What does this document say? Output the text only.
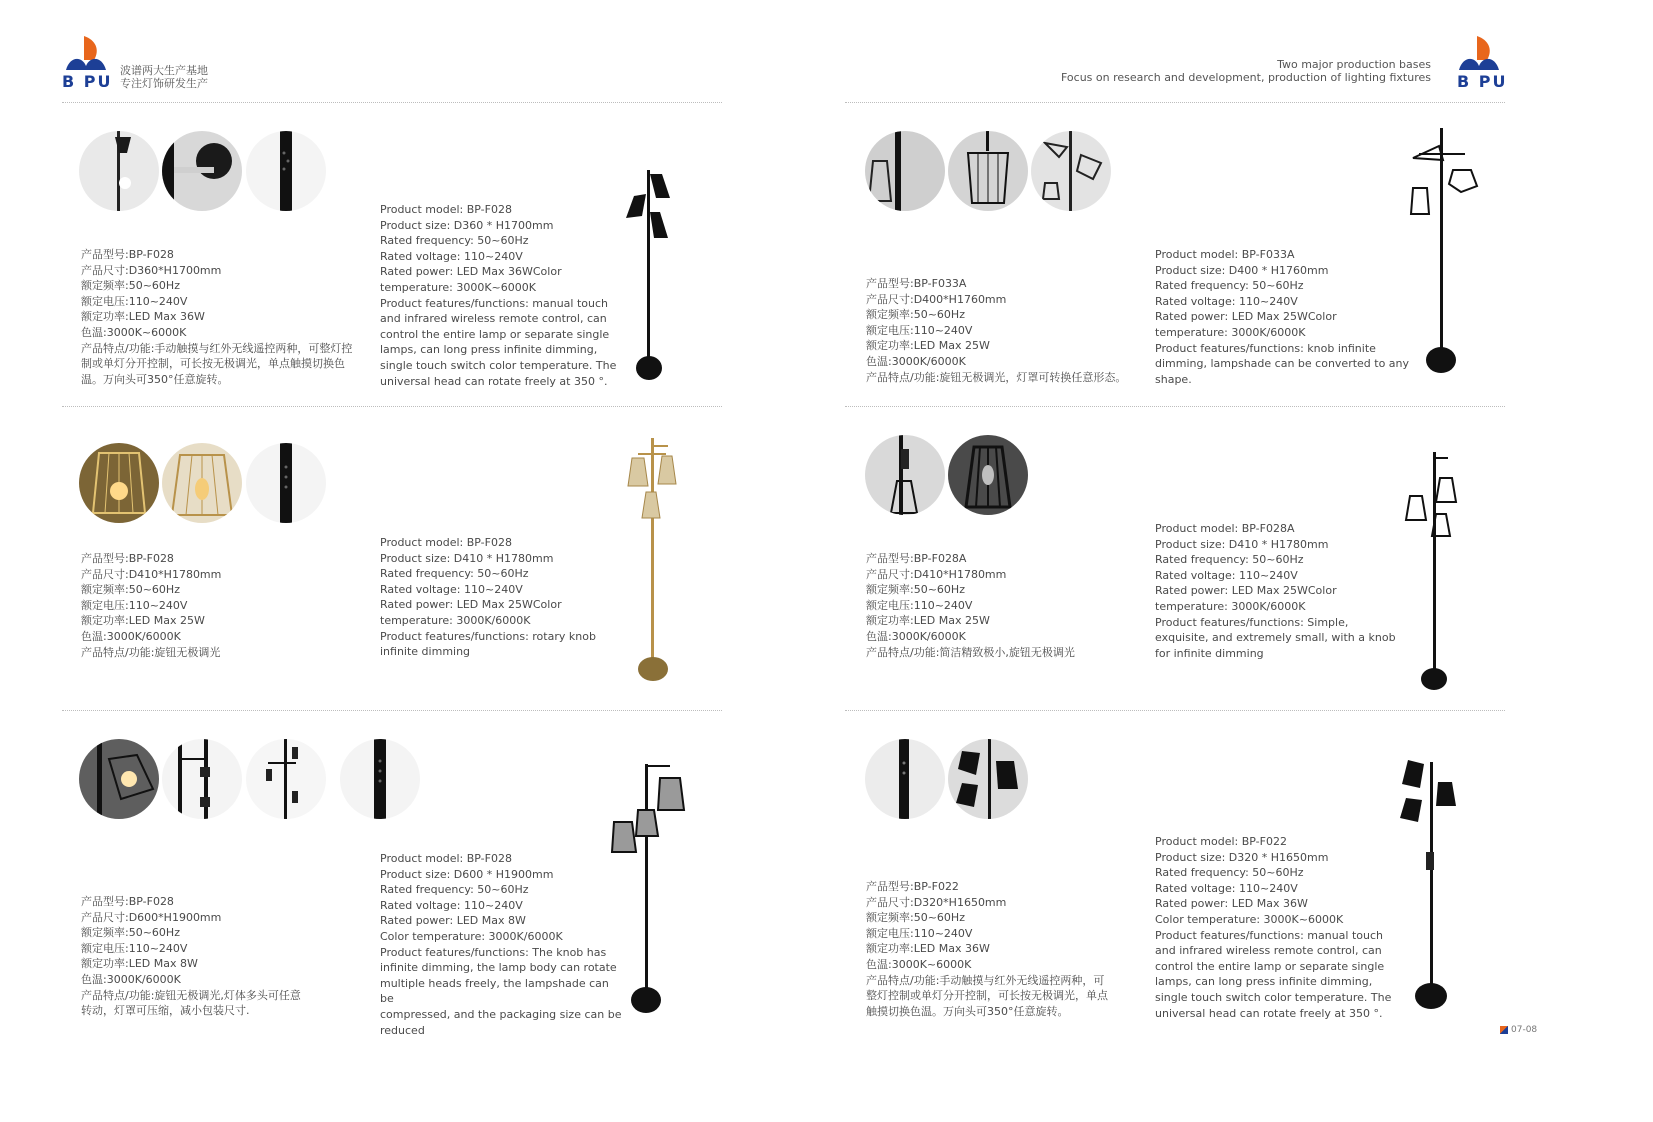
B PU
波谱两大生产基地
专注灯饰研发生产
Two major production bases
Focus on research and development, production of lighting fixtures B PU
产品型号:BP-F028
产品尺寸:D360*H1700mm
额定频率:50~60Hz
额定电压:110~240V
额定功率:LED Max 36W
色温:3000K~6000K
产品特点/功能:手动触摸与红外无线遥控两种，可整灯控
制或单灯分开控制，可长按无极调光，单点触摸切换色
温。万向头可350°任意旋转。
Product model: BP-F028
Product size: D360 * H1700mm
Rated frequency: 50~60Hz
Rated voltage: 110~240V
Rated power: LED Max 36WColor
temperature: 3000K~6000K
Product features/functions: manual touch
and infrared wireless remote control, can
control the entire lamp or separate single
lamps, can long press infinite dimming,
single touch switch color temperature. The
universal head can rotate freely at 350 °.
产品型号:BP-F033A
产品尺寸:D400*H1760mm
额定频率:50~60Hz
额定电压:110~240V
额定功率:LED Max 25W
色温:3000K/6000K
产品特点/功能:旋钮无极调光，灯罩可转换任意形态。
Product model: BP-F033A
Product size: D400 * H1760mm
Rated frequency: 50~60Hz
Rated voltage: 110~240V
Rated power: LED Max 25WColor
temperature: 3000K/6000K
Product features/functions: knob infinite
dimming, lampshade can be converted to any
shape.
产品型号:BP-F028
产品尺寸:D410*H1780mm
额定频率:50~60Hz
额定电压:110~240V
额定功率:LED Max 25W
色温:3000K/6000K
产品特点/功能:旋钮无极调光
Product model: BP-F028
Product size: D410 * H1780mm
Rated frequency: 50~60Hz
Rated voltage: 110~240V
Rated power: LED Max 25WColor
temperature: 3000K/6000K
Product features/functions: rotary knob
infinite dimming
产品型号:BP-F028A
产品尺寸:D410*H1780mm
额定频率:50~60Hz
额定电压:110~240V
额定功率:LED Max 25W
色温:3000K/6000K
产品特点/功能:简洁精致极小,旋钮无极调光
Product model: BP-F028A
Product size: D410 * H1780mm
Rated frequency: 50~60Hz
Rated voltage: 110~240V
Rated power: LED Max 25WColor
temperature: 3000K/6000K
Product features/functions: Simple,
exquisite, and extremely small, with a knob
for infinite dimming
产品型号:BP-F028
产品尺寸:D600*H1900mm
额定频率:50~60Hz
额定电压:110~240V
额定功率:LED Max 8W
色温:3000K/6000K
产品特点/功能:旋钮无极调光,灯体多头可任意
转动，灯罩可压缩，减小包装尺寸.
Product model: BP-F028
Product size: D600 * H1900mm
Rated frequency: 50~60Hz
Rated voltage: 110~240V
Rated power: LED Max 8W
Color temperature: 3000K/6000K
Product features/functions: The knob has
infinite dimming, the lamp body can rotate
multiple heads freely, the lampshade can be
compressed, and the packaging size can be
reduced
产品型号:BP-F022
产品尺寸:D320*H1650mm
额定频率:50~60Hz
额定电压:110~240V
额定功率:LED Max 36W
色温:3000K~6000K
产品特点/功能:手动触摸与红外无线遥控两种，可
整灯控制或单灯分开控制，可长按无极调光，单点
触摸切换色温。万向头可350°任意旋转。
Product model: BP-F022
Product size: D320 * H1650mm
Rated frequency: 50~60Hz
Rated voltage: 110~240V
Rated power: LED Max 36W
Color temperature: 3000K~6000K
Product features/functions: manual touch
and infrared wireless remote control, can
control the entire lamp or separate single
lamps, can long press infinite dimming,
single touch switch color temperature. The
universal head can rotate freely at 350 °.
07-08
